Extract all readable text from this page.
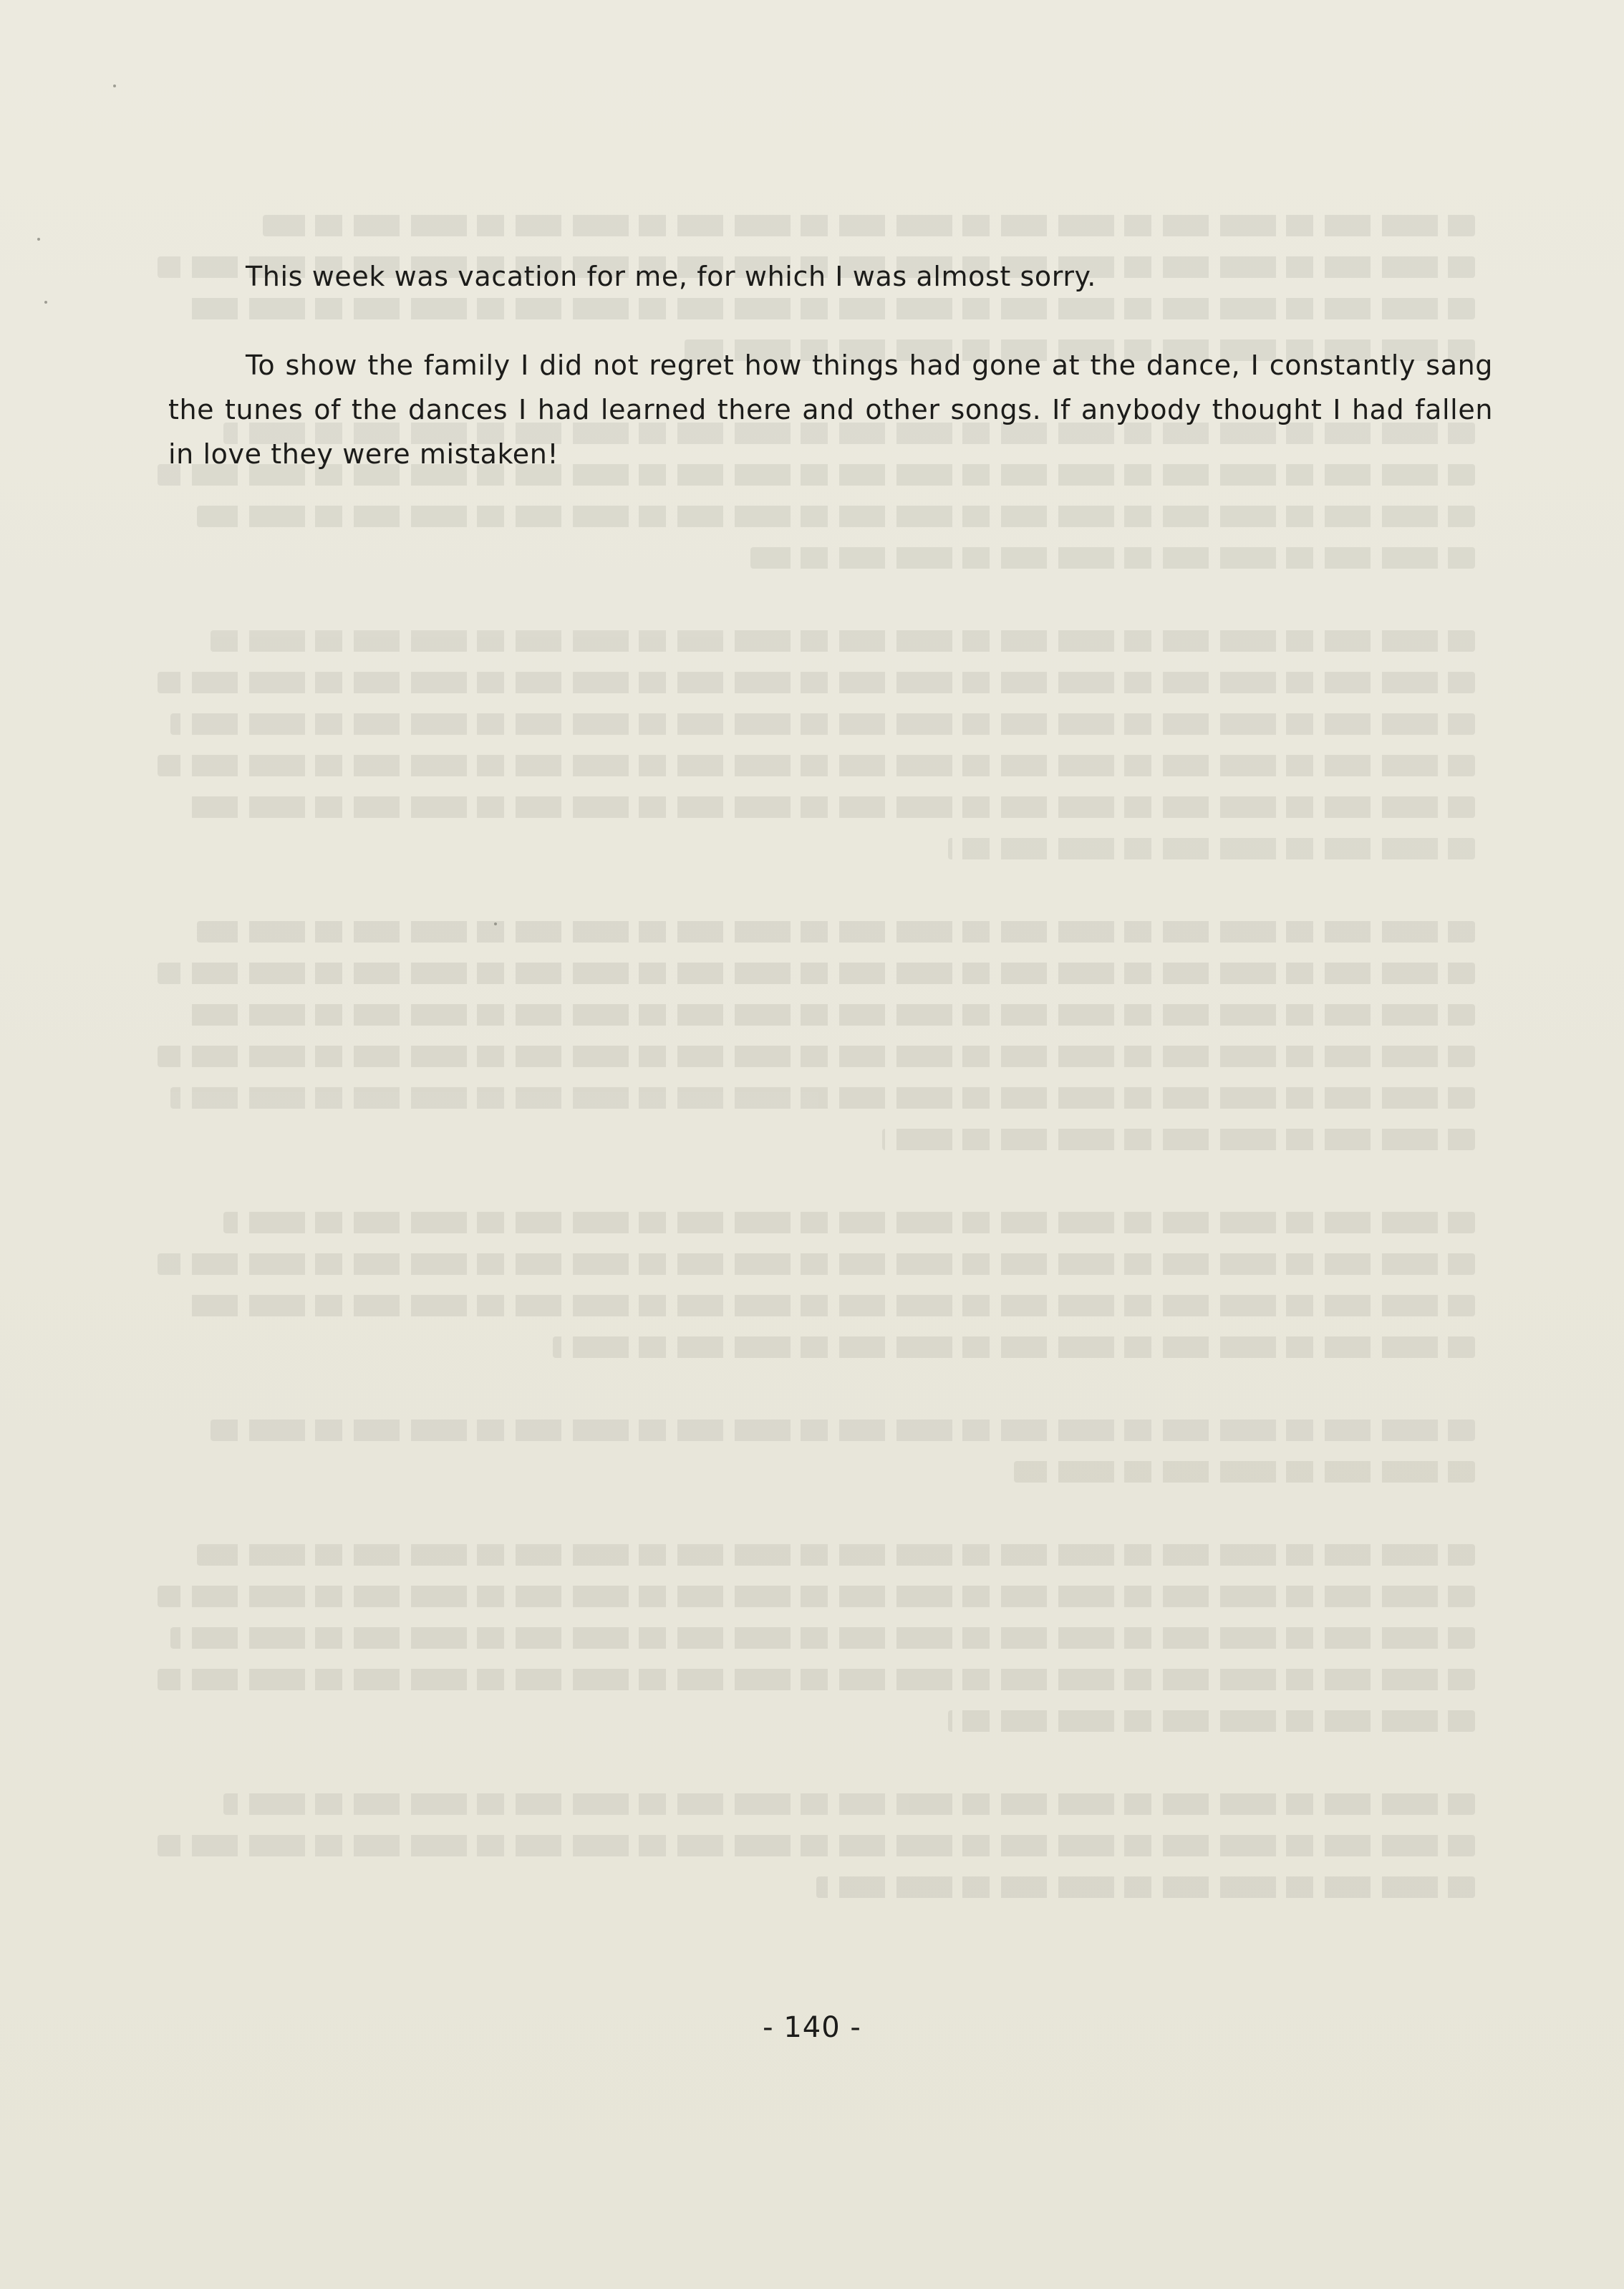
This week was vacation for me, for which I was almost sorry.

To show the family I did not regret how things had gone at the dance, I constantly sang the tunes of the dances I had learned there and other songs. If anybody thought I had fallen in love they were mistaken!

- 140 -
